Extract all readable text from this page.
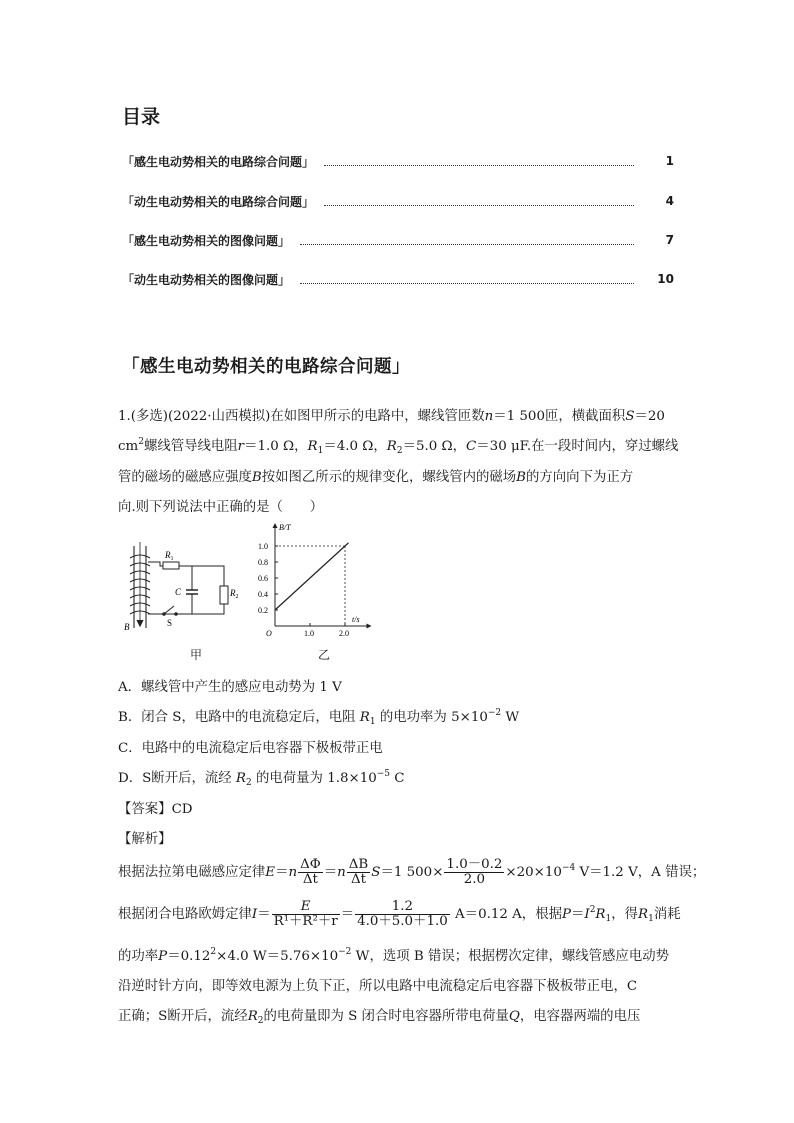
目录
「感生电动势相关的电路综合问题」	1
「动生电动势相关的电路综合问题」	4
「感生电动势相关的图像问题」	7
「动生电动势相关的图像问题」	10
「感生电动势相关的电路综合问题」
1.(多选)(2022·山西模拟)在如图甲所示的电路中，螺线管匝数n＝1 500匝，横截面积S＝20
$cm^2$螺线管导线电阻r＝1.0 Ω，$R_1=4.0$ Ω，$R_2=5.0$ Ω，C＝30 μF.在一段时间内，穿过螺线
管的磁场的磁感应强度B按如图乙所示的规律变化，螺线管内的磁场B的方向向下为正方
向.则下列说法中正确的是（　　）
$R_1$
$R_2$
C
S
B
甲
B/T
t/s
O
0.2
0.4
0.6
0.8
1.0
1.0	2.0
乙
A．螺线管中产生的感应电动势为 1 V
B．闭合 S，电路中的电流稳定后，电阻 $R_1$ 的电功率为 $5\times 10^{-2}$ W
C．电路中的电流稳定后电容器下极板带正电
D．S断开后，流经 $R_2$ 的电荷量为 $1.8\times 10^{-5}$ C
【答案】CD
【解析】
根据法拉第电磁感应定律$E=n \frac{\Delta\Phi}{\Delta t} =n \frac{\Delta B}{\Delta t} S=1$ $500\times \frac{1.0-0.2}{2.0} \times 20\times 10^{-4}$ V＝1.2 V，A 错误；
根据闭合电路欧姆定律$I= \frac{E}{\text{R¹＋R²＋r}} = \frac{1.2}{4.0+5.0+1.0} A=0.12$ A，根据$P=I^2R_1$，得$R_1$消耗
的功率$P=0.12^2\times 4.0$ $W=5.76\times 10^{-2}$ W，选项 B 错误；根据楞次定律，螺线管感应电动势
沿逆时针方向，即等效电源为上负下正，所以电路中电流稳定后电容器下极板带正电，C
正确；S断开后，流经$R_2$的电荷量即为 S 闭合时电容器所带电荷量Q，电容器两端的电压
